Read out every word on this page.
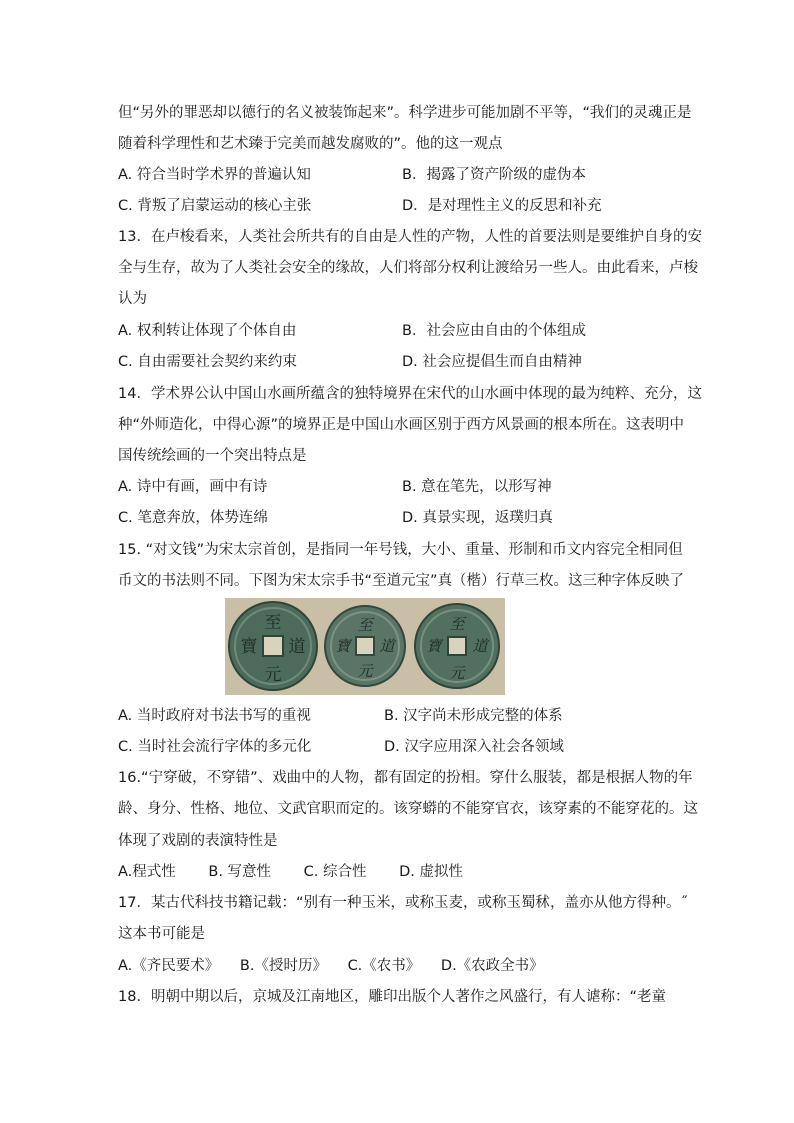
但“另外的罪恶却以德行的名义被装饰起来”。科学进步可能加剧不平等，“我们的灵魂正是
随着科学理性和艺术臻于完美而越发腐败的”。他的这一观点
A. 符合当时学术界的普遍认知	B．揭露了资产阶级的虚伪本
C. 背叛了启蒙运动的核心主张	D．是对理性主义的反思和补充
13．在卢梭看来，人类社会所共有的自由是人性的产物，人性的首要法则是要维护自身的安
全与生存，故为了人类社会安全的缘故，人们将部分权利让渡给另一些人。由此看来，卢梭
认为
A. 权利转让体现了个体自由	B．社会应由自由的个体组成
C. 自由需要社会契约来约束	D. 社会应提倡生而自由精神
14．学术界公认中国山水画所蕴含的独特境界在宋代的山水画中体现的最为纯粹、充分，这
种“外师造化，中得心源”的境界正是中国山水画区别于西方风景画的根本所在。这表明中
国传统绘画的一个突出特点是
A. 诗中有画，画中有诗	B. 意在笔先，以形写神
C. 笔意奔放，体势连绵	D. 真景实现，返璞归真
15. “对文钱”为宋太宗首创，是指同一年号钱，大小、重量、形制和币文内容完全相同但
币文的书法则不同。下图为宋太宗手书“至道元宝”真（楷）行草三枚。这三种字体反映了
至
道
元
寶
至
道
元
寶
至
道
元
寶
A. 当时政府对书法书写的重视	B. 汉字尚未形成完整的体系
C. 当时社会流行字体的多元化	D. 汉字应用深入社会各领域
16.“宁穿破，不穿错”、戏曲中的人物，都有固定的扮相。穿什么服装，都是根据人物的年
龄、身分、性格、地位、文武官职而定的。该穿蟒的不能穿官衣，该穿素的不能穿花的。这
体现了戏剧的表演特性是
A.程式性 B. 写意性 C. 综合性 D. 虚拟性
17．某古代科技书籍记载：“别有一种玉米，或称玉麦，或称玉蜀秫，盖亦从他方得种。˝
这本书可能是
A.《齐民要术》 B.《授时历》 C.《农书》 D.《农政全书》
18．明朝中期以后，京城及江南地区，雕印出版个人著作之风盛行，有人谑称：“老童
